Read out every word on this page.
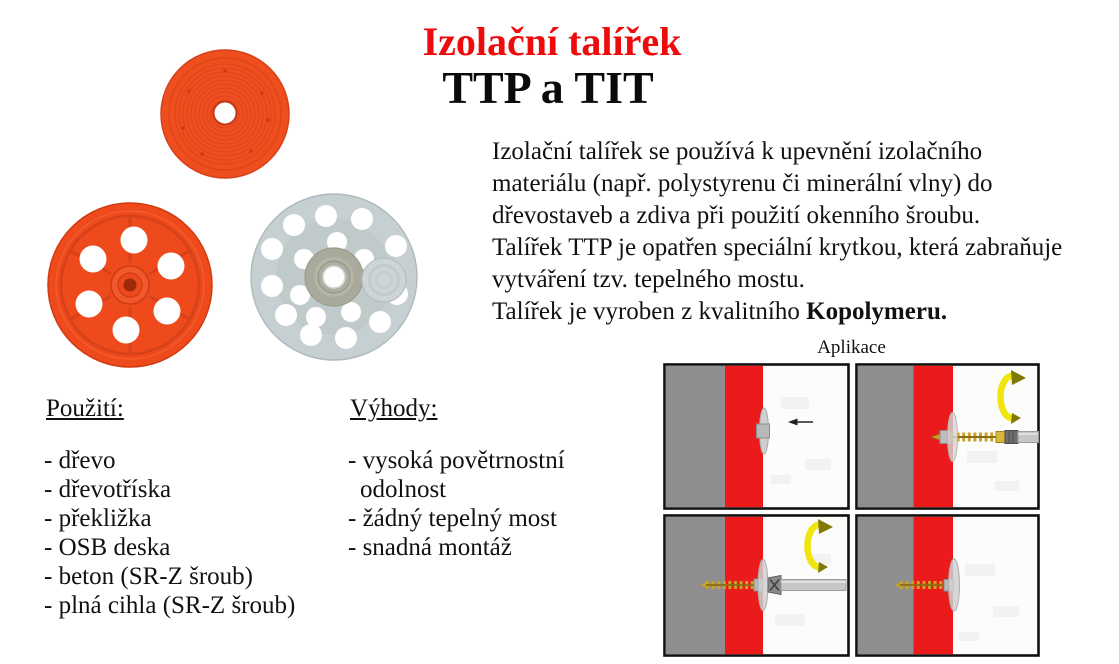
Izolační talířek
TTP a TIT
Izolační talířek se používá k upevnění izolačního
materiálu (např. polystyrenu či minerální vlny) do
dřevostaveb a zdiva při použití okenního šroubu.
Talířek TTP je opatřen speciální krytkou, která zabraňuje
vytváření tzv. tepelného mostu.
Talířek je vyroben z kvalitního Kopolymeru.
Použití:
- dřevo
- dřevotříska
- překližka
- OSB deska
- beton (SR-Z šroub)
- plná cihla (SR-Z šroub)
Výhody:
- vysoká povětrnostní
odolnost
- žádný tepelný most
- snadná montáž
Aplikace
